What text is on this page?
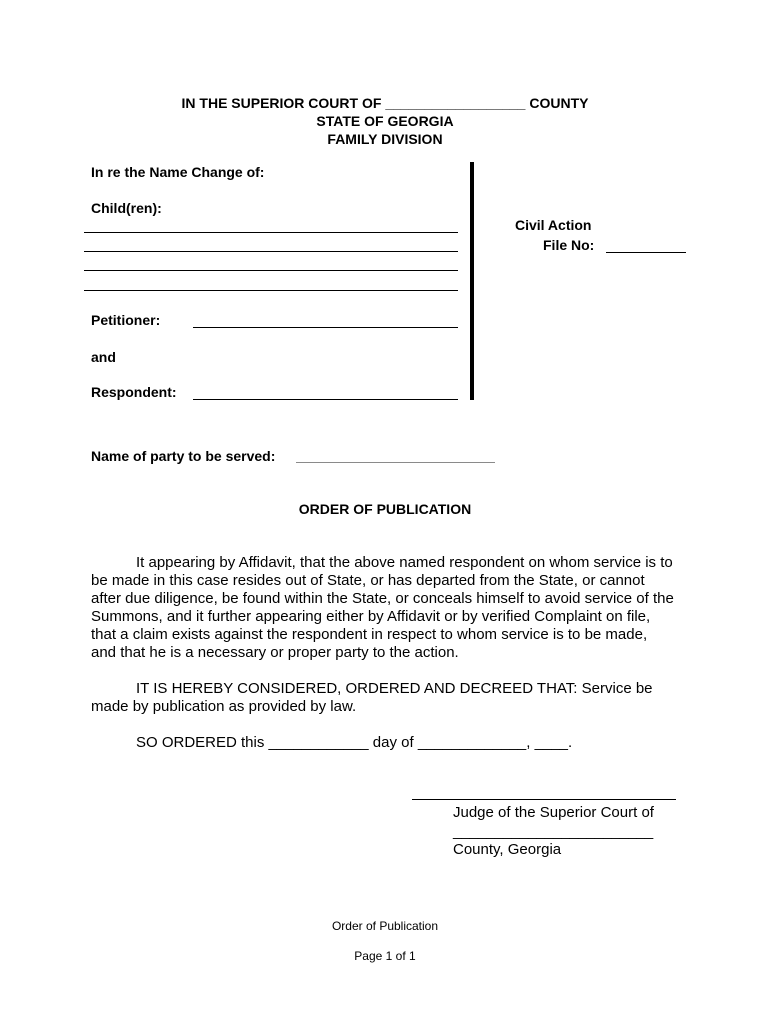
IN THE SUPERIOR COURT OF __________________ COUNTY
STATE OF GEORGIA
FAMILY DIVISION
In re the Name Change of:
Child(ren):
Petitioner:
and
Respondent:
Civil Action
File No:
Name of party to be served:
ORDER OF PUBLICATION
It appearing by Affidavit, that the above named respondent on whom service is to
be made in this case resides out of State, or has departed from the State, or cannot
after due diligence, be found within the State, or conceals himself to avoid service of the
Summons, and it further appearing either by Affidavit or by verified Complaint on file,
that a claim exists against the respondent in respect to whom service is to be made,
and that he is a necessary or proper party to the action.
IT IS HEREBY CONSIDERED, ORDERED AND DECREED THAT: Service be
made by publication as provided by law.
SO ORDERED this ____________ day of _____________, ____.
Judge of the Superior Court of
________________________
County, Georgia
Order of Publication
Page 1 of 1
